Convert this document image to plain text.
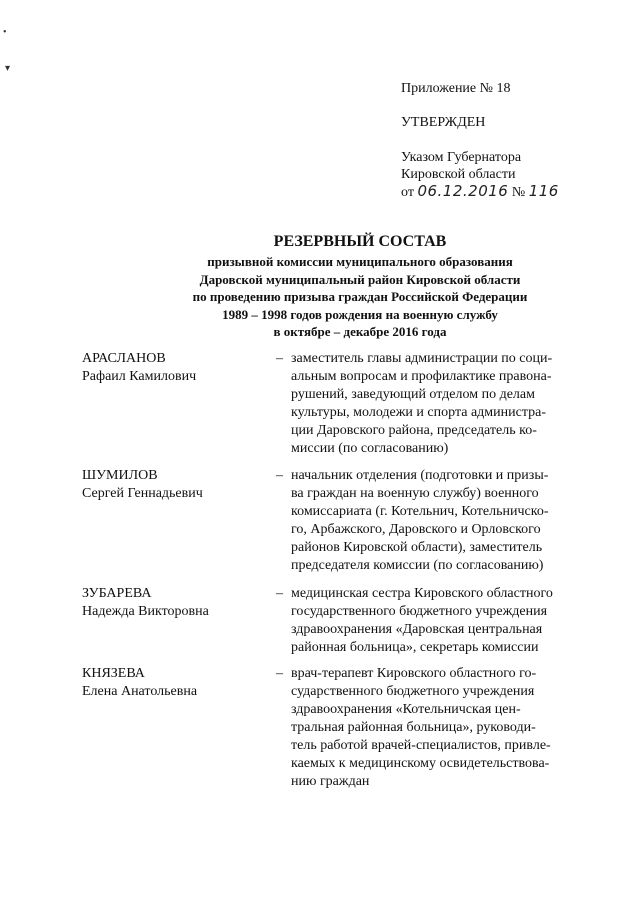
•
▾
Приложение № 18
УТВЕРЖДЕН
Указом Губернатора
Кировской области
от 06.12.2016 № 116
РЕЗЕРВНЫЙ СОСТАВ
призывной комиссии муниципального образования
Даровской муниципальный район Кировской области
по проведению призыва граждан Российской Федерации
1989 – 1998 годов рождения на военную службу
в октябре – декабре 2016 года
АРАСЛАНОВ
Рафаил Камилович
– заместитель главы администрации по соци-
альным вопросам и профилактике правона-
рушений, заведующий отделом по делам
культуры, молодежи и спорта администра-
ции Даровского района, председатель ко-
миссии (по согласованию)
ШУМИЛОВ
Сергей Геннадьевич
– начальник отделения (подготовки и призы-
ва граждан на военную службу) военного
комиссариата (г. Котельнич, Котельничско-
го, Арбажского, Даровского и Орловского
районов Кировской области), заместитель
председателя комиссии (по согласованию)
ЗУБАРЕВА
Надежда Викторовна
– медицинская сестра Кировского областного
государственного бюджетного учреждения
здравоохранения «Даровская центральная
районная больница», секретарь комиссии
КНЯЗЕВА
Елена Анатольевна
– врач-терапевт Кировского областного го-
сударственного бюджетного учреждения
здравоохранения «Котельничская цен-
тральная районная больница», руководи-
тель работой врачей-специалистов, привле-
каемых к медицинскому освидетельствова-
нию граждан
